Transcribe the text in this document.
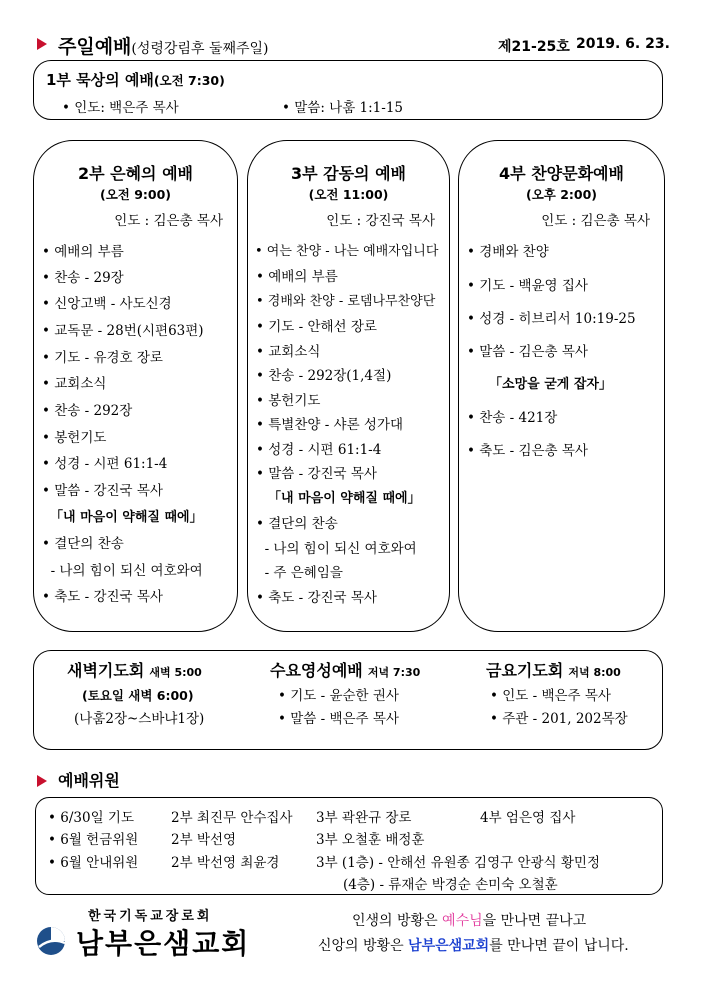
주일예배(성령강림후 둘째주일)	제21-25호 2019. 6. 23.
1부 묵상의 예배(오전 7:30)
• 인도: 백은주 목사	• 말씀: 나훔 1:1-15
2부 은혜의 예배
(오전 9:00)
인도 : 김은총 목사
• 예배의 부름
• 찬송 - 29장
• 신앙고백 - 사도신경
• 교독문 - 28번(시편63편)
• 기도 - 유경호 장로
• 교회소식
• 찬송 - 292장
• 봉헌기도
• 성경 - 시편 61:1-4
• 말씀 - 강진국 목사
「내 마음이 약해질 때에」
• 결단의 찬송
- 나의 힘이 되신 여호와여
• 축도 - 강진국 목사
3부 감동의 예배
(오전 11:00)
인도 : 강진국 목사
• 여는 찬양 - 나는 예배자입니다
• 예배의 부름
• 경배와 찬양 - 로뎀나무찬양단
• 기도 - 안해선 장로
• 교회소식
• 찬송 - 292장(1,4절)
• 봉헌기도
• 특별찬양 - 샤론 성가대
• 성경 - 시편 61:1-4
• 말씀 - 강진국 목사
「내 마음이 약해질 때에」
• 결단의 찬송
- 나의 힘이 되신 여호와여
- 주 은혜임을
• 축도 - 강진국 목사
4부 찬양문화예배
(오후 2:00)
인도 : 김은총 목사
• 경배와 찬양
• 기도 - 백윤영 집사
• 성경 - 히브리서 10:19-25
• 말씀 - 김은총 목사
「소망을 굳게 잡자」
• 찬송 - 421장
• 축도 - 김은총 목사
새벽기도회 새벽 5:00
(토요일 새벽 6:00)
(나훔2장~스바냐1장)
수요영성예배 저녁 7:30
• 기도 - 윤순한 권사
• 말씀 - 백은주 목사
금요기도회 저녁 8:00
• 인도 - 백은주 목사
• 주관 - 201, 202목장
예배위원
• 6/30일 기도	2부 최진무 안수집사 3부 곽완규 장로	4부 엄은영 집사
• 6월 헌금위원 2부 박선영	3부 오철훈 배정훈
• 6월 안내위원 2부 박선영 최윤경	3부 (1층) - 안해선 유원종 김영구 안광식 황민정
(4층) - 류재순 박경순 손미숙 오철훈
한국기독교장로회
남부은샘교회
인생의 방황은 예수님을 만나면 끝나고
신앙의 방황은 남부은샘교회를 만나면 끝이 납니다.
